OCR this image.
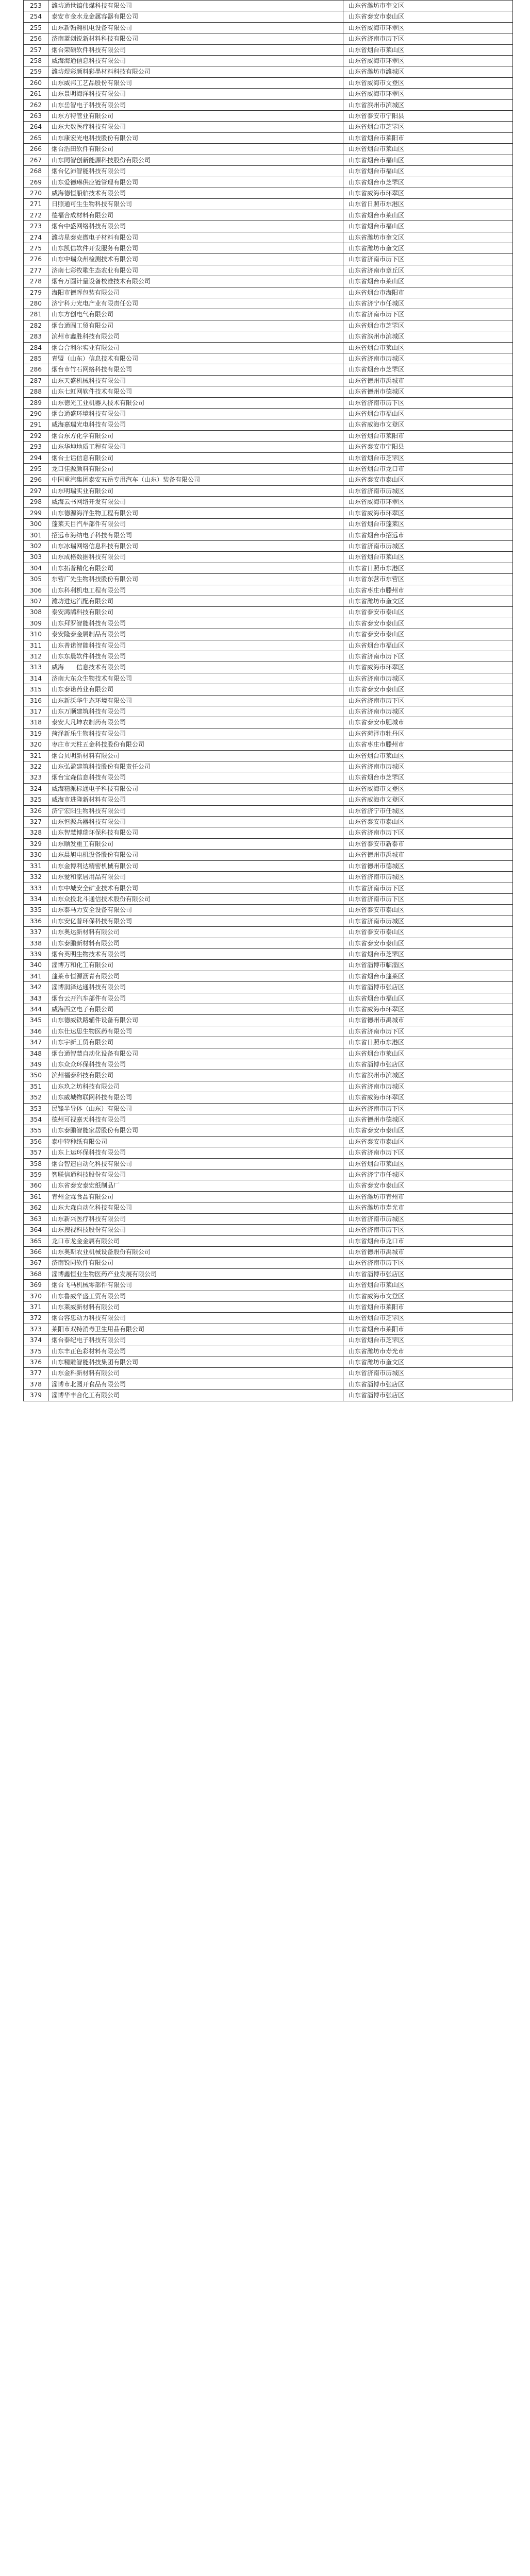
253	潍坊通世镐伟煤科技有限公司	山东省潍坊市奎文区
254	泰安市金水龙金属容器有限公司	山东省泰安市泰山区
255	山东新翰翱机电设备有限公司	山东省威海市环翠区
256	济南蓝创锐新材料科技有限公司	山东省济南市历下区
257	烟台荣硕软件科技有限公司	山东省烟台市莱山区
258	威海海通信息科技有限公司	山东省威海市环翠区
259	潍坊煜彩颜料彩墨材料科技有限公司	山东省潍坊市潍城区
260	山东威邦工艺品股份有限公司	山东省威海市文登区
261	山东景明海洋科技有限公司	山东省威海市环翠区
262	山东岳智电子科技有限公司	山东省滨州市滨城区
263	山东方特管业有限公司	山东省泰安市宁阳县
264	山东大数医疗科技有限公司	山东省烟台市芝罘区
265	山东康宏光电科技股份有限公司	山东省烟台市莱阳市
266	烟台浩田软件有限公司	山东省烟台市莱山区
267	山东同智创新能源科技股份有限公司	山东省烟台市福山区
268	烟台亿沛智能科技有限公司	山东省烟台市福山区
269	山东爱德琳供应链管理有限公司	山东省烟台市芝罘区
270	威海德恒船舶技术有限公司	山东省威海市环翠区
271	日照通可生生物科技有限公司	山东省日照市东港区
272	德福合成材料有限公司	山东省烟台市莱山区
273	烟台中盛网络科技有限公司	山东省烟台市福山区
274	潍坊星泰克微电子材料有限公司	山东省潍坊市奎文区
275	山东凯信软件开发服务有限公司	山东省潍坊市奎文区
276	山东中瑞众州检测技术有限公司	山东省济南市历下区
277	济南七彩牧歌生态农业有限公司	山东省济南市章丘区
278	烟台万圆计量设备校准技术有限公司	山东省烟台市莱山区
279	海阳市德晖包装有限公司	山东省烟台市海阳市
280	济宁科力光电产业有限责任公司	山东省济宁市任城区
281	山东方创电气有限公司	山东省济南市历下区
282	烟台通圆工贸有限公司	山东省烟台市芝罘区
283	滨州市鑫胜科技有限公司	山东省滨州市滨城区
284	烟台合利尔实业有限公司	山东省烟台市莱山区
285	青盟（山东）信息技术有限公司	山东省济南市历城区
286	烟台市竹石网络科技有限公司	山东省烟台市芝罘区
287	山东天盛机械科技有限公司	山东省德州市禹城市
288	山东七虹网软件技术有限公司	山东省德州市德城区
289	山东德光工业机器人技术有限公司	山东省济南市历下区
290	烟台通盛环境科技有限公司	山东省烟台市福山区
291	威海嘉瑞光电科技有限公司	山东省威海市文登区
292	烟台东方化学有限公司	山东省烟台市莱阳市
293	山东华坤地质工程有限公司	山东省泰安市宁阳县
294	烟台士话信息有限公司	山东省烟台市芝罘区
295	龙口佳源颜料有限公司	山东省烟台市龙口市
296	中国重汽集团泰安五岳专用汽车（山东）装备有限公司	山东省泰安市泰山区
297	山东明瑞实业有限公司	山东省济南市历城区
298	威海云书网络开发有限公司	山东省威海市环翠区
299	山东德源海洋生物工程有限公司	山东省威海市环翠区
300	蓬莱天目汽车部件有限公司	山东省烟台市蓬莱区
301	招远市海纳电子科技有限公司	山东省烟台市招远市
302	山东冰瑞网络信息科技有限公司	山东省济南市历城区
303	山东成格数据科技有限公司	山东省烟台市莱山区
304	山东拓普精化有限公司	山东省日照市东港区
305	东营广先生物科技股份有限公司	山东省东营市东营区
306	山东科利机电工程有限公司	山东省枣庄市滕州市
307	潍坊进达汽配有限公司	山东省潍坊市奎文区
308	泰安鸿鹄科技有限公司	山东省泰安市泰山区
309	山东拜罗智能科技有限公司	山东省泰安市泰山区
310	泰安隆泰金属制品有限公司	山东省泰安市泰山区
311	山东普诺智能科技有限公司	山东省烟台市福山区
312	山东东晨软件科技有限公司	山东省济南市历下区
313	威海　　信息技术有限公司	山东省威海市环翠区
314	济南大东众生物技术有限公司	山东省济南市历城区
315	山东泰诺药业有限公司	山东省泰安市泰山区
316	山东新沃华生态环境有限公司	山东省济南市历下区
317	山东万顺建筑科技有限公司	山东省济南市历城区
318	泰安大凡坤农制药有限公司	山东省泰安市肥城市
319	菏泽新乐生物科技有限公司	山东省菏泽市牡丹区
320	枣庄市天柱五金科技股份有限公司	山东省枣庄市滕州市
321	烟台贝明新材料有限公司	山东省烟台市莱山区
322	山东弘盈建筑科技股份有限责任公司	山东省济南市历城区
323	烟台宝森信息科技有限公司	山东省烟台市芝罘区
324	威海精派标通电子科技有限公司	山东省威海市文登区
325	威海市进隆新材料有限公司	山东省威海市文登区
326	济宁宏阳生物科技有限公司	山东省济宁市任城区
327	山东恒源兵器科技有限公司	山东省泰安市泰山区
328	山东智慧博瑞环保科技有限公司	山东省济南市历下区
329	山东顺发重工有限公司	山东省泰安市新泰市
330	山东晨旭电机设备股份有限公司	山东省德州市禹城市
331	山东金博利达精密机械有限公司	山东省德州市德城区
332	山东爱和家居用品有限公司	山东省济南市历城区
333	山东中城安全矿业技术有限公司	山东省济南市历下区
334	山东众投北斗通信技术股份有限公司	山东省济南市历下区
335	山东泰马力安全设备有限公司	山东省泰安市泰山区
336	山东安亿普环保科技有限公司	山东省济南市历城区
337	山东奥达新材料有限公司	山东省泰安市泰山区
338	山东泰鹏新材料有限公司	山东省泰安市泰山区
339	烟台英明生物技术有限公司	山东省烟台市芝罘区
340	淄博万和化工有限公司	山东省淄博市临淄区
341	蓬莱市恒源沥青有限公司	山东省烟台市蓬莱区
342	淄博润泽达通科技有限公司	山东省淄博市张店区
343	烟台云开汽车部件有限公司	山东省烟台市福山区
344	威海西立电子有限公司	山东省威海市环翠区
345	山东德威铁路辅件设备有限公司	山东省德州市禹城市
346	山东仕达思生物医药有限公司	山东省济南市历下区
347	山东宇新工贸有限公司	山东省日照市东港区
348	烟台通智慧自动化设备有限公司	山东省烟台市莱山区
349	山东众众环保科技有限公司	山东省淄博市张店区
350	滨州福泰科技有限公司	山东省滨州市滨城区
351	山东玖之坊科技有限公司	山东省济南市历城区
352	山东威城物联网科技有限公司	山东省威海市环翠区
353	民锋半导体（山东）有限公司	山东省济南市历下区
354	德州可视嘉天科技有限公司	山东省德州市德城区
355	山东泰鹏智能家居股份有限公司	山东省泰安市泰山区
356	泰中特种纸有限公司	山东省泰安市泰山区
357	山东上运环保科技有限公司	山东省济南市历下区
358	烟台智造自动化科技有限公司	山东省烟台市莱山区
359	智联信通科技股份有限公司	山东省济宁市任城区
360	山东省泰安泰宏纸制品厂	山东省泰安市泰山区
361	青州金霖食品有限公司	山东省潍坊市青州市
362	山东大森自动化科技有限公司	山东省潍坊市寿光市
363	山东新兴医疗科技有限公司	山东省济南市历城区
364	山东搜视科技股份有限公司	山东省济南市历下区
365	龙口市龙金金属有限公司	山东省烟台市龙口市
366	山东奥斯农业机械设备股份有限公司	山东省德州市禹城市
367	济南锐同软件有限公司	山东省济南市历下区
368	淄博鑫恒业生物医药产业发展有限公司	山东省淄博市张店区
369	烟台飞马机械零部件有限公司	山东省烟台市莱山区
370	山东鲁威华盛工贸有限公司	山东省威海市文登区
371	山东莱威新材料有限公司	山东省烟台市莱阳市
372	烟台容忠动力科技有限公司	山东省烟台市芝罘区
373	莱阳市双特消毒卫生用品有限公司	山东省烟台市莱阳市
374	烟台泰纪电子科技有限公司	山东省烟台市芝罘区
375	山东丰正色彩材料有限公司	山东省潍坊市寿光市
376	山东精雕智能科技集团有限公司	山东省潍坊市奎文区
377	山东金科新材料有限公司	山东省济南市历城区
378	淄博市北园开食品有限公司	山东省淄博市张店区
379	淄博华丰合化工有限公司	山东省淄博市张店区
